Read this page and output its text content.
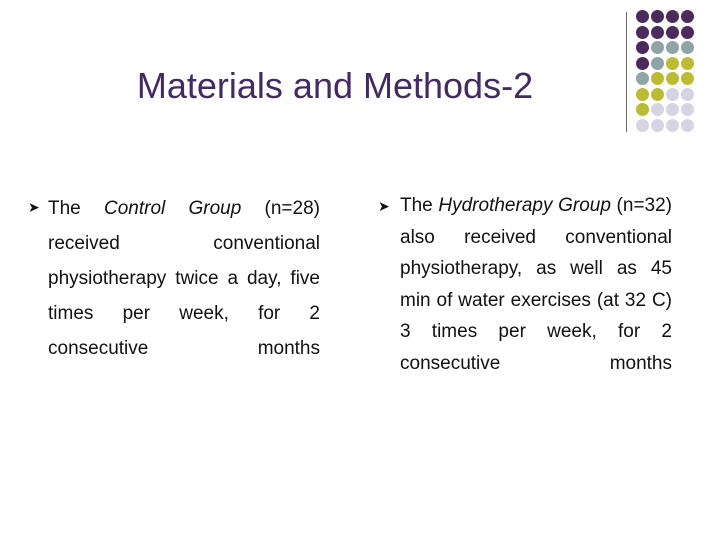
Materials and Methods-2
➤ The Control Group (n=28) received conventional physiotherapy twice a day, five times per week, for 2 consecutive months
➤ The Hydrotherapy Group (n=32) also received conventional physiotherapy, as well as 45 min of water exercises (at 32 C) 3 times per week, for 2 consecutive months
